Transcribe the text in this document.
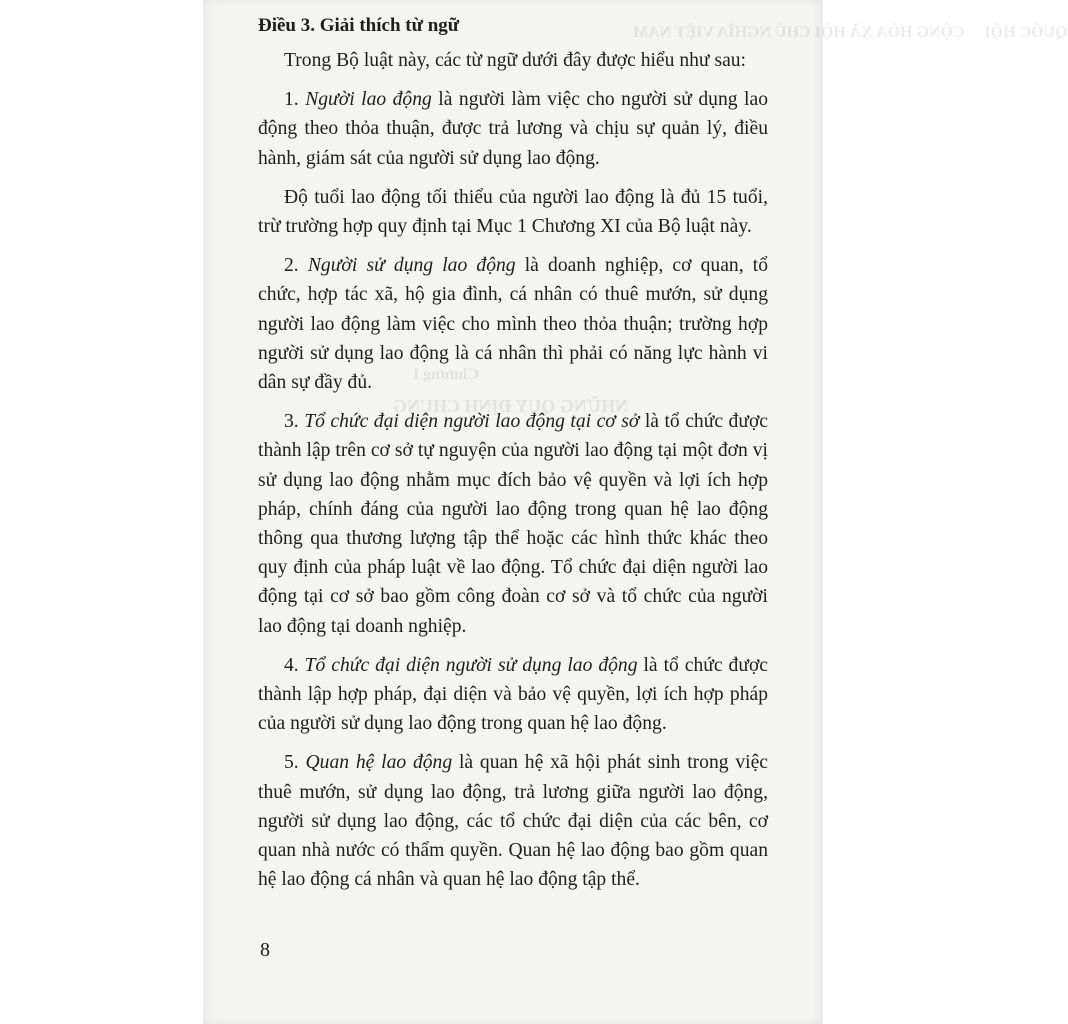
QUỐC HỘI     CỘNG HÒA XÃ HỘI CHỦ NGHĨA VIỆT NAM
NHỮNG QUY ĐỊNH CHUNG
Chương I
Điều 3. Giải thích từ ngữ

Trong Bộ luật này, các từ ngữ dưới đây được hiểu như sau:

1. Người lao động là người làm việc cho người sử dụng lao động theo thỏa thuận, được trả lương và chịu sự quản lý, điều hành, giám sát của người sử dụng lao động.

Độ tuổi lao động tối thiểu của người lao động là đủ 15 tuổi, trừ trường hợp quy định tại Mục 1 Chương XI của Bộ luật này.

2. Người sử dụng lao động là doanh nghiệp, cơ quan, tổ chức, hợp tác xã, hộ gia đình, cá nhân có thuê mướn, sử dụng người lao động làm việc cho mình theo thỏa thuận; trường hợp người sử dụng lao động là cá nhân thì phải có năng lực hành vi dân sự đầy đủ.

3. Tổ chức đại diện người lao động tại cơ sở là tổ chức được thành lập trên cơ sở tự nguyện của người lao động tại một đơn vị sử dụng lao động nhằm mục đích bảo vệ quyền và lợi ích hợp pháp, chính đáng của người lao động trong quan hệ lao động thông qua thương lượng tập thể hoặc các hình thức khác theo quy định của pháp luật về lao động. Tổ chức đại diện người lao động tại cơ sở bao gồm công đoàn cơ sở và tổ chức của người lao động tại doanh nghiệp.

4. Tổ chức đại diện người sử dụng lao động là tổ chức được thành lập hợp pháp, đại diện và bảo vệ quyền, lợi ích hợp pháp của người sử dụng lao động trong quan hệ lao động.

5. Quan hệ lao động là quan hệ xã hội phát sinh trong việc thuê mướn, sử dụng lao động, trả lương giữa người lao động, người sử dụng lao động, các tổ chức đại diện của các bên, cơ quan nhà nước có thẩm quyền. Quan hệ lao động bao gồm quan hệ lao động cá nhân và quan hệ lao động tập thể.

8
